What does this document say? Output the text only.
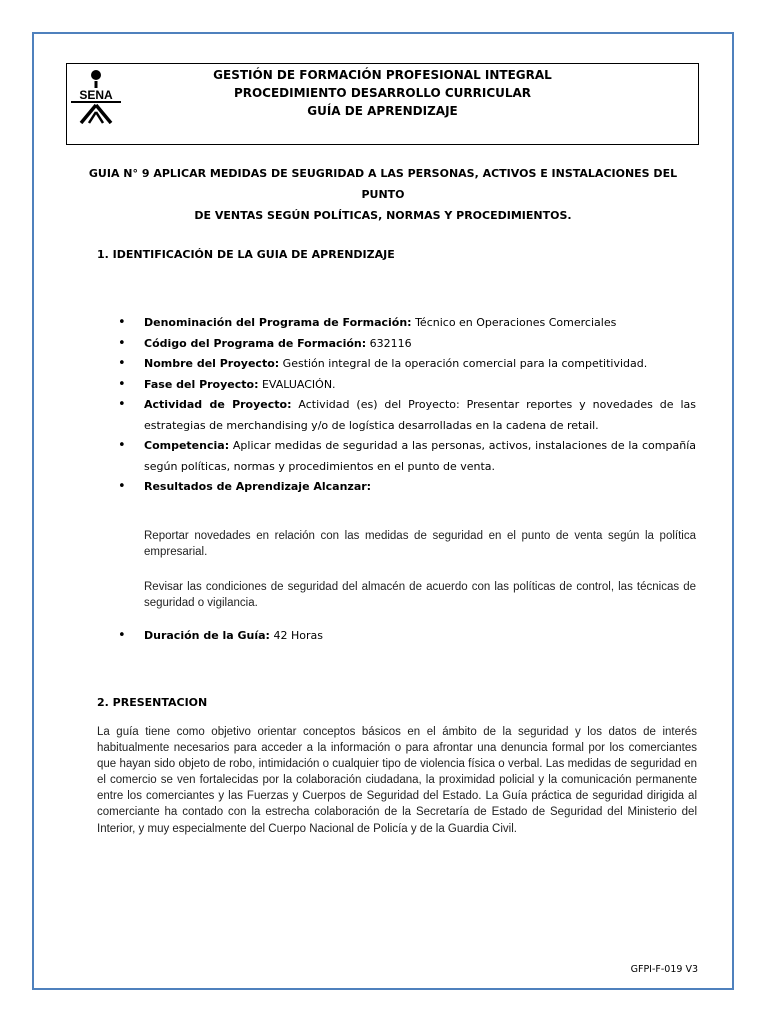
SENA
GESTIÓN DE FORMACIÓN PROFESIONAL INTEGRAL
PROCEDIMIENTO DESARROLLO CURRICULAR
GUÍA DE APRENDIZAJE
GUIA N° 9 APLICAR MEDIDAS DE SEUGRIDAD A LAS PERSONAS, ACTIVOS E INSTALACIONES DEL PUNTO
DE VENTAS SEGÚN POLÍTICAS, NORMAS Y PROCEDIMIENTOS.
1. IDENTIFICACIÓN DE LA GUIA DE APRENDIZAJE
• Denominación del Programa de Formación: Técnico en Operaciones Comerciales
• Código del Programa de Formación: 632116
• Nombre del Proyecto: Gestión integral de la operación comercial para la competitividad.
• Fase del Proyecto: EVALUACIÓN.
• Actividad de Proyecto: Actividad (es) del Proyecto: Presentar reportes y novedades de las estrategias de merchandising y/o de logística desarrolladas en la cadena de retail.
• Competencia: Aplicar medidas de seguridad a las personas, activos, instalaciones de la compañía según políticas, normas y procedimientos en el punto de venta.
• Resultados de Aprendizaje Alcanzar:
Reportar novedades en relación con las medidas de seguridad en el punto de venta según la política empresarial.
Revisar las condiciones de seguridad del almacén de acuerdo con las políticas de control, las técnicas de seguridad o vigilancia.
• Duración de la Guía: 42 Horas
2. PRESENTACION
La guía tiene como objetivo orientar conceptos básicos en el ámbito de la seguridad y los datos de interés habitualmente necesarios para acceder a la información o para afrontar una denuncia formal por los comerciantes que hayan sido objeto de robo, intimidación o cualquier tipo de violencia física o verbal. Las medidas de seguridad en el comercio se ven fortalecidas por la colaboración ciudadana, la proximidad policial y la comunicación permanente entre los comerciantes y las Fuerzas y Cuerpos de Seguridad del Estado. La Guía práctica de seguridad dirigida al comerciante ha contado con la estrecha colaboración de la Secretaría de Estado de Seguridad del Ministerio del Interior, y muy especialmente del Cuerpo Nacional de Policía y de la Guardia Civil.
GFPI-F-019 V3
